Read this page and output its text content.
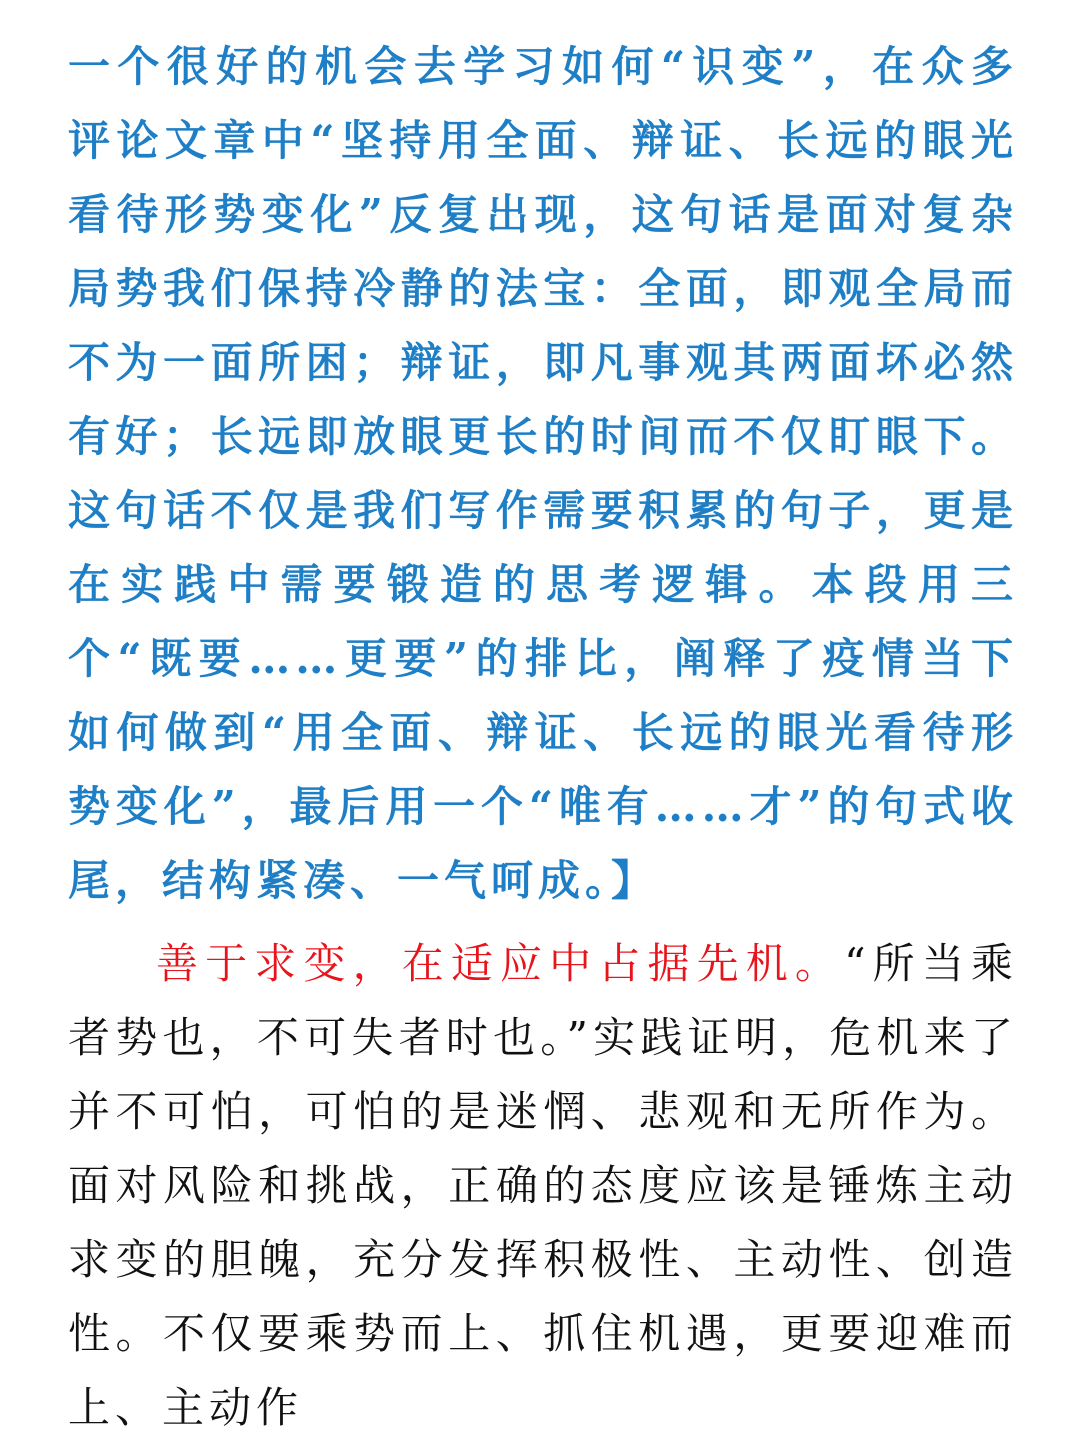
一个很好的机会去学习如何“识变”，在众多评论文章中“坚持用全面、辩证、长远的眼光看待形势变化”反复出现，这句话是面对复杂局势我们保持冷静的法宝：全面，即观全局而不为一面所困；辩证，即凡事观其两面坏必然有好；长远即放眼更长的时间而不仅盯眼下。这句话不仅是我们写作需要积累的句子，更是在实践中需要锻造的思考逻辑。本段用三个“既要……更要”的排比，阐释了疫情当下如何做到“用全面、辩证、长远的眼光看待形势变化”，最后用一个“唯有……才”的句式收尾，结构紧凑、一气呵成。】

善于求变，在适应中占据先机。“所当乘者势也，不可失者时也。”实践证明，危机来了并不可怕，可怕的是迷惘、悲观和无所作为。面对风险和挑战，正确的态度应该是锤炼主动求变的胆魄，充分发挥积极性、主动性、创造性。不仅要乘势而上、抓住机遇，更要迎难而上、主动作
